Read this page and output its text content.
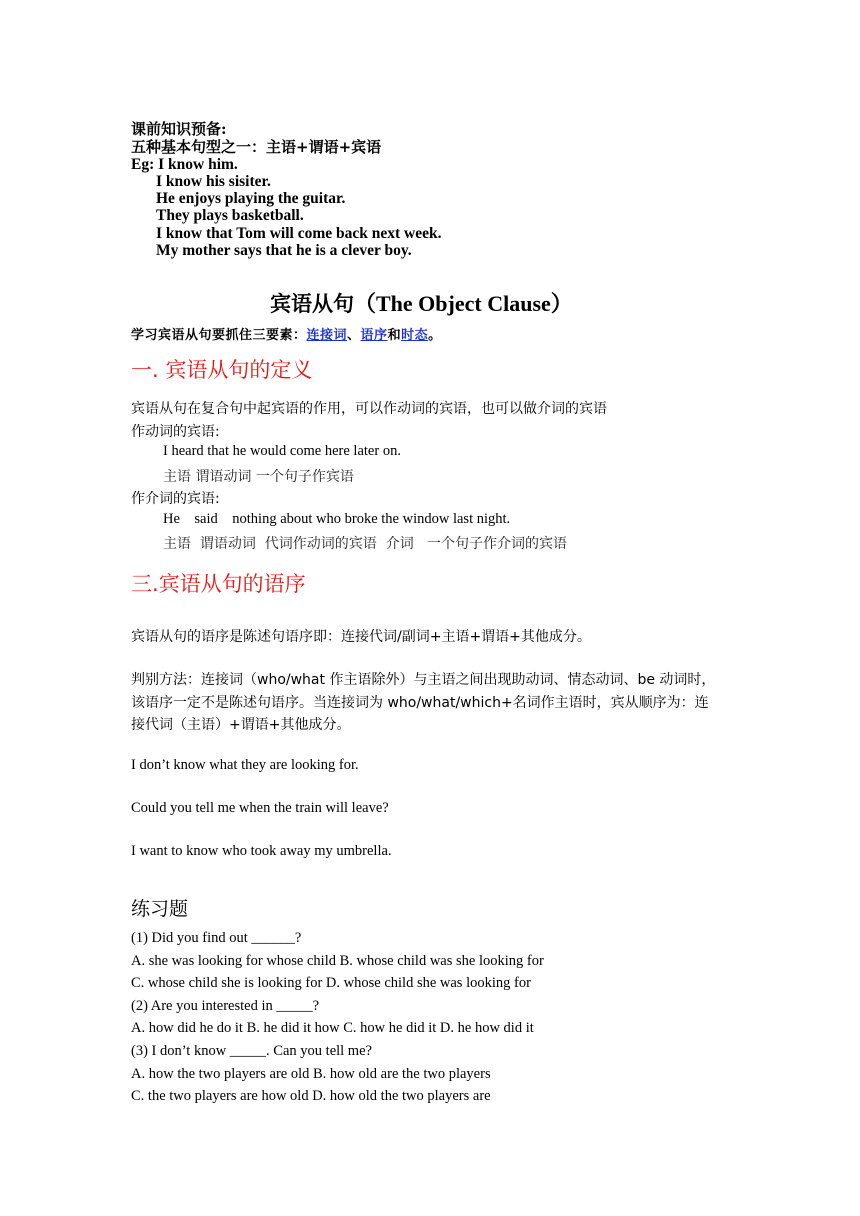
课前知识预备:
五种基本句型之一：主语+谓语+宾语
Eg: I know him.
I know his sisiter.
He enjoys playing the guitar.
They plays basketball.
I know that Tom will come back next week.
My mother says that he is a clever boy.
宾语从句（The Object Clause）
学习宾语从句要抓住三要素：连接词、语序和时态。
一. 宾语从句的定义
宾语从句在复合句中起宾语的作用，可以作动词的宾语，也可以做介词的宾语
作动词的宾语:
I heard that he would come here later on.
主语 谓语动词 一个句子作宾语
作介词的宾语:
He    said    nothing about who broke the window last night.
主语  谓语动词  代词作动词的宾语  介词   一个句子作介词的宾语
三.宾语从句的语序
宾语从句的语序是陈述句语序即：连接代词/副词+主语+谓语+其他成分。
判别方法：连接词（who/what 作主语除外）与主语之间出现助动词、情态动词、be 动词时，
该语序一定不是陈述句语序。当连接词为 who/what/which+名词作主语时，宾从顺序为：连
接代词（主语）+谓语+其他成分。
I don’t know what they are looking for.
Could you tell me when the train will leave?
I want to know who took away my umbrella.
练习题
(1) Did you find out ______?
A. she was looking for whose child B. whose child was she looking for
C. whose child she is looking for D. whose child she was looking for
(2) Are you interested in _____?
A. how did he do it B. he did it how C. how he did it D. he how did it
(3) I don’t know _____. Can you tell me?
A. how the two players are old B. how old are the two players
C. the two players are how old D. how old the two players are
